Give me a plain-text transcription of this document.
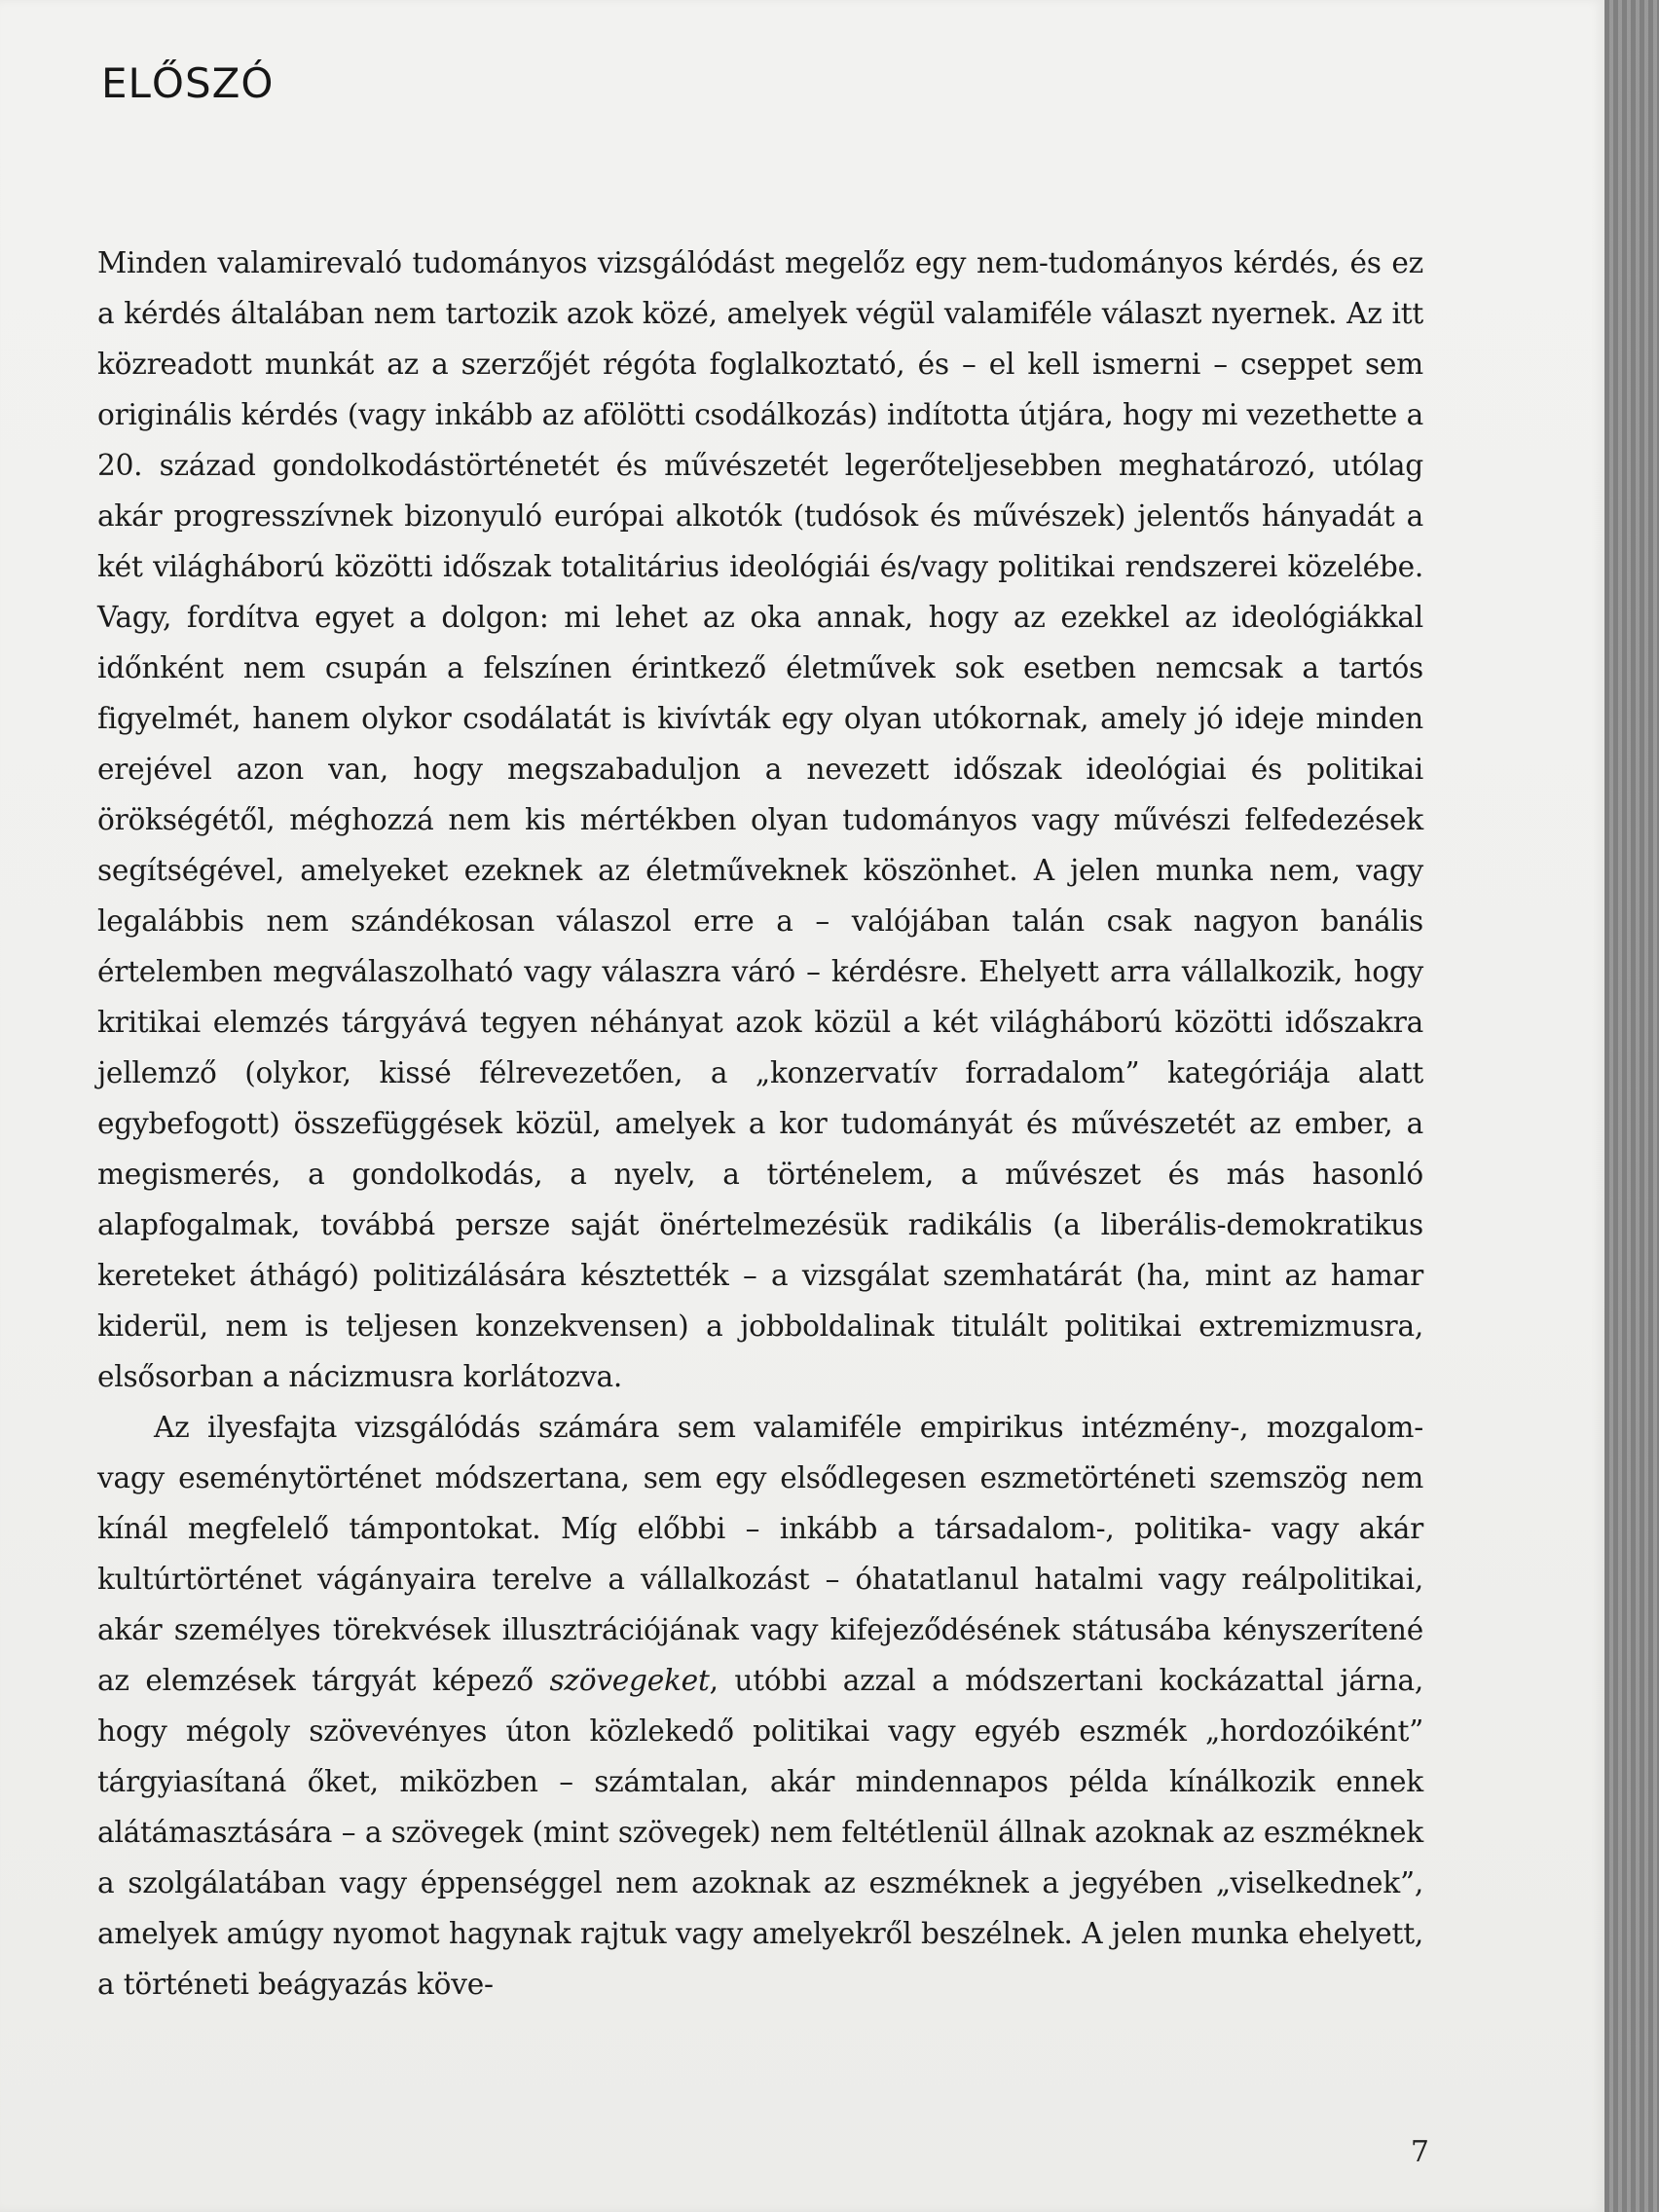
ELŐSZÓ

Minden valamirevaló tudományos vizsgálódást megelőz egy nem-tudományos kérdés, és ez a kérdés általában nem tartozik azok közé, amelyek végül valamiféle választ nyernek. Az itt közreadott munkát az a szerzőjét régóta foglalkoztató, és – el kell ismerni – cseppet sem originális kérdés (vagy inkább az afölötti csodálkozás) indította útjára, hogy mi vezethette a 20. század gondolkodástörténetét és művészetét legerőteljesebben meghatározó, utólag akár progresszívnek bizonyuló európai alkotók (tudósok és művészek) jelentős hányadát a két világháború közötti időszak totalitárius ideológiái és/vagy politikai rendszerei közelébe. Vagy, fordítva egyet a dolgon: mi lehet az oka annak, hogy az ezekkel az ideológiákkal időnként nem csupán a felszínen érintkező életművek sok esetben nemcsak a tartós figyelmét, hanem olykor csodálatát is kivívták egy olyan utókornak, amely jó ideje minden erejével azon van, hogy megszabaduljon a nevezett időszak ideológiai és politikai örökségétől, méghozzá nem kis mértékben olyan tudományos vagy művészi felfedezések segítségével, amelyeket ezeknek az életműveknek köszönhet. A jelen munka nem, vagy legalábbis nem szándékosan válaszol erre a – valójában talán csak nagyon banális értelemben megválaszolható vagy válaszra váró – kérdésre. Ehelyett arra vállalkozik, hogy kritikai elemzés tárgyává tegyen néhányat azok közül a két világháború közötti időszakra jellemző (olykor, kissé félrevezetően, a „konzervatív forradalom” kategóriája alatt egybefogott) összefüggések közül, amelyek a kor tudományát és művészetét az ember, a megismerés, a gondolkodás, a nyelv, a történelem, a művészet és más hasonló alapfogalmak, továbbá persze saját önértelmezésük radikális (a liberális-demokratikus kereteket áthágó) politizálására késztették – a vizsgálat szemhatárát (ha, mint az hamar kiderül, nem is teljesen konzekvensen) a jobboldalinak titulált politikai extremizmusra, elsősorban a nácizmusra korlátozva.

Az ilyesfajta vizsgálódás számára sem valamiféle empirikus intézmény-, mozgalom- vagy eseménytörténet módszertana, sem egy elsődlegesen eszmetörténeti szemszög nem kínál megfelelő támpontokat. Míg előbbi – inkább a társadalom-, politika- vagy akár kultúrtörténet vágányaira terelve a vállalkozást – óhatatlanul hatalmi vagy reálpolitikai, akár személyes törekvések illusztrációjának vagy kifejeződésének státusába kényszerítené az elemzések tárgyát képező szövegeket, utóbbi azzal a módszertani kockázattal járna, hogy mégoly szövevényes úton közlekedő politikai vagy egyéb eszmék „hordozóiként” tárgyiasítaná őket, miközben – számtalan, akár mindennapos példa kínálkozik ennek alátámasztására – a szövegek (mint szövegek) nem feltétlenül állnak azoknak az eszméknek a szolgálatában vagy éppenséggel nem azoknak az eszméknek a jegyében „viselkednek”, amelyek amúgy nyomot hagynak rajtuk vagy amelyekről beszélnek. A jelen munka ehelyett, a történeti beágyazás köve-

7
